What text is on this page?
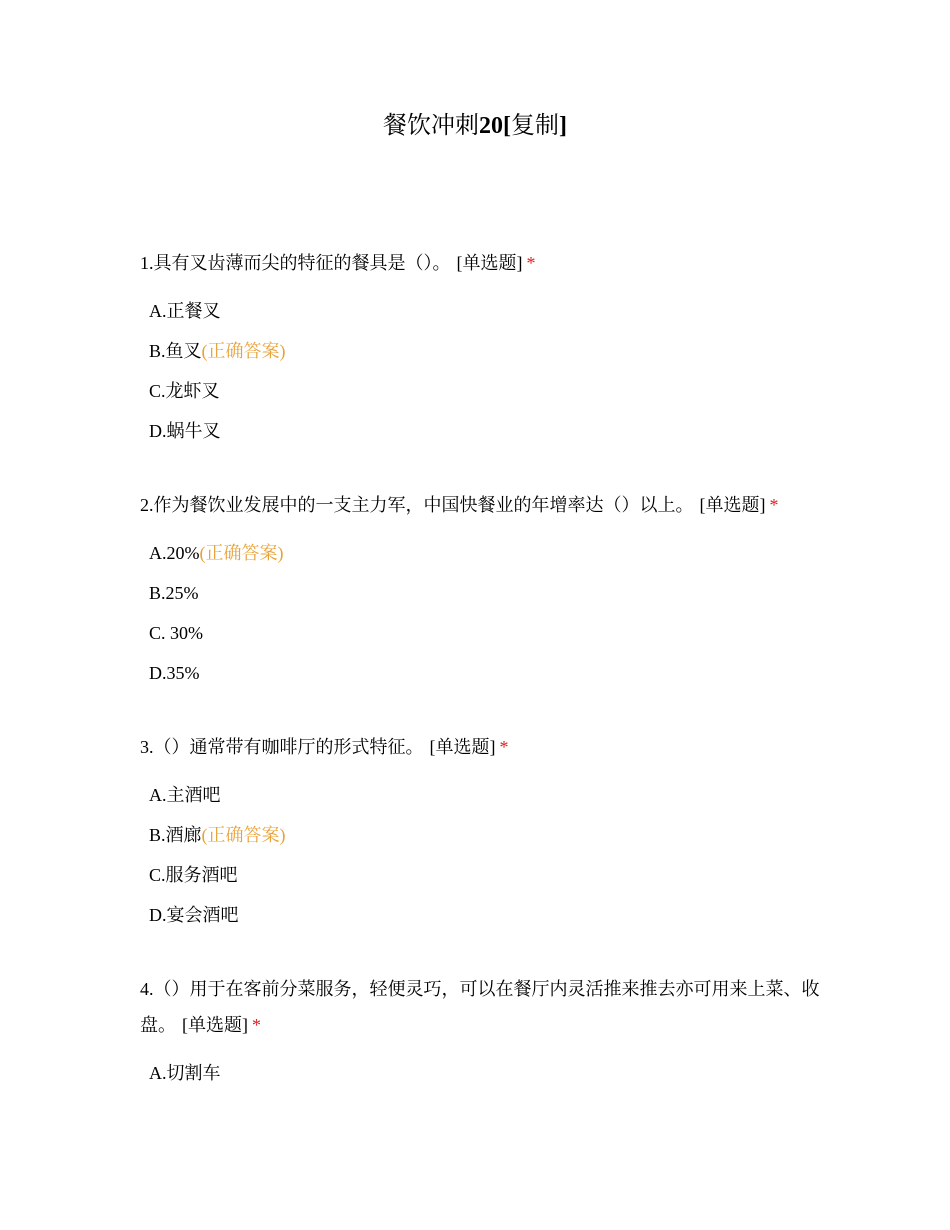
餐饮冲刺20[复制]

1.具有叉齿薄而尖的特征的餐具是（）。 [单选题] *

A.正餐叉
B.鱼叉(正确答案)
C.龙虾叉
D.蜗牛叉

2.作为餐饮业发展中的一支主力军，中国快餐业的年增率达（）以上。 [单选题] *

A.20%(正确答案)
B.25%
C. 30%
D.35%

3.（）通常带有咖啡厅的形式特征。 [单选题] *

A.主酒吧
B.酒廊(正确答案)
C.服务酒吧
D.宴会酒吧

4.（）用于在客前分菜服务，轻便灵巧，可以在餐厅内灵活推来推去亦可用来上菜、收盘。 [单选题] *

A.切割车
